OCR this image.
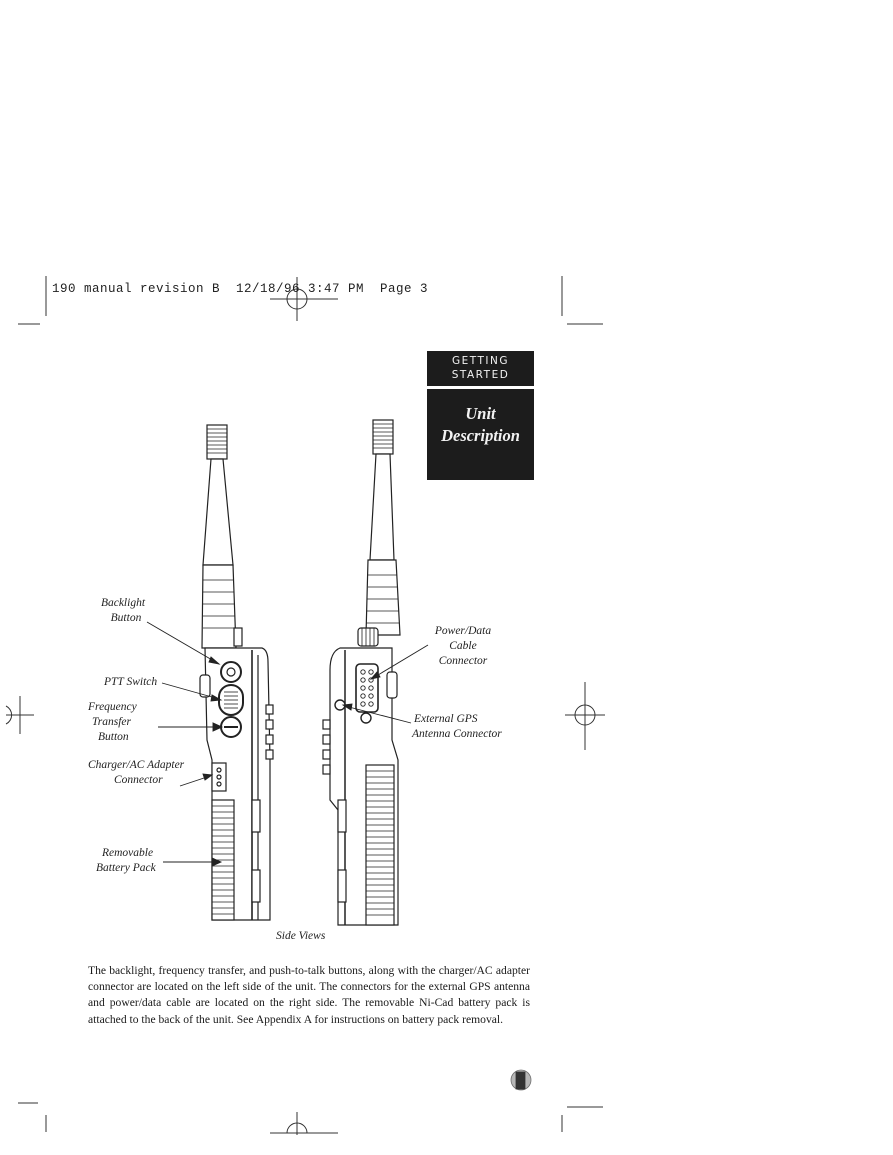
190 manual revision B  12/18/96 3:47 PM  Page 3
GETTING
STARTED
Unit
Description
Backlight
Button
PTT Switch
Frequency
Transfer
Button
Charger/AC Adapter
Connector
Removable
Battery Pack
Power/Data
Cable
Connector
External GPS
Antenna Connector
Side Views
The backlight, frequency transfer, and push-to-talk buttons, along with the charger/AC adapter connector are located on the left side of the unit. The connectors for the external GPS antenna and power/data cable are located on the right side. The removable Ni-Cad battery pack is attached to the back of the unit. See Appendix A for instructions on battery pack removal.
